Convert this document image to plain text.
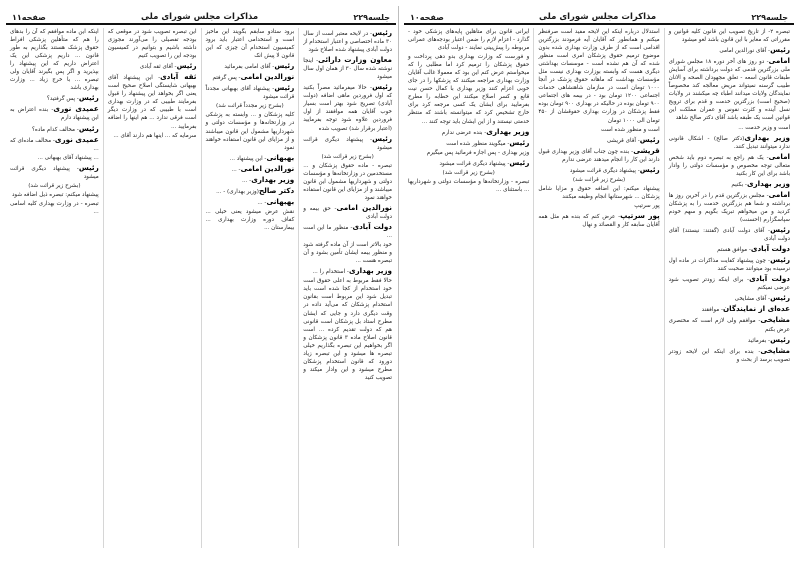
صفحه۱۰	مذاکرات مجلس شورای ملی	جلسه۲۲۹
تبصره ۲- از تاریخ تصویب این قانون کلیه قوانین و مقرراتی که مغایر با این قانون باشد لغو میشود
رئیس- آقای نورالدین امامی
امامی- دو روز های آخر دوره ۱۸ مجلس شورای ملی بزرگترین قدمی که دولت برداشته برای آسایش طبقات قانون اسعه - تعلق مجهودان الصحه و الانان طبیب گرسنه نمیتواند مریض معالجه کند مخصوصاً نمایندگان ولایات میدانند اطباء چه میکشند در ولایات (صحیح است) بزرگترین خدمت و قدم برای ترویج نسل آینده و کثرت نفوس و عمران مملکت این قوانین است یک طبقه باشد آقای دکتر صالح شاهد
است و وزیر خدمت ...
وزیر بهداری(دکتر صالح) - اشکال قانونی ندارد میتوانند تبدیل کنند.
امامی- یک هم راجع به تبصره دوم باید شخص متعالی توجه مخصوص و مؤسسات دولتی را وادار باشد برای این کار بکنید
وزیر بهداری- بکنیم
امامی- مجلس بزرگترین قدم را در آخرین روز ها برداشته و شما هم بزرگترین خدمت را به پزشکان کردید و من میخواهم تبریک بگویم و سهم خودم سپاسگزارم (احسنت)
رئیس- آقای دولت آبادی (گفتند: نیستند) آقای دولت آبادی
دولت آبادی- موافق هستم
رئیس- چون پیشنهاد کفایت مذاکرات در ماده اول نرسیده بود میتوانند صحبت کنند
دولت آبادی- برای اینکه زودتر تصویب شود عرضی نمیکنم
رئیس- آقای مشایخی
عده‌ای از نمایندگان- موافقند
مشایخی- موافقم ولی لازم است که مختصری عرض بکنم
رئیس- بفرمائید
مشایخی- بنده برای اینکه این لایحه زودتر تصویب برسد از بحث و
استدلال درباره اینکه این لایحه مفید است صرفنظر میکنم و همانطور که آقایان آیه فرمودند بزرگترین اقدامی است که از طرف وزارت بهداری شده بدون موضوع ترمیم حقوق پزشکان امری است منظور شده که آن هم نشده است - موسسات بهداشتی دیگری هست که وابسته بوزارت بهداری نیست مثل مؤسسات بهداشت که ماهانه حقوق پزشک در آنجا ۱۰۰۰ تومان است در سازمان شاهنشاهی خدمات اجتماعی ۱۲۰۰ تومان بود - در بیمه های اجتماعی ۹۰۰ تومان بوده در حالیکه در بهداری ۹۰۰ تومان بوده فقط پزشکان در وزارت بهداری حقوقشان از ۴۵۰ تومان الی ۱۰۰۰ تومان
است و منظور شده است
رئیس- آقای قریشی
قریشی- بنده چون جناب آقای وزیر بهداری قبول دارند این کار را انجام میدهند عرضی ندارم
رئیس- پیشنهاد دیگری قرائت میشود
(بشرح زیر قرائت شد)
پیشنهاد میکنم: این اضافه حقوق و مزایا شامل پزشکان ... شهرستانها انجام وظیفه میکنند
پور سرتیپ
پور سرتیپ- عرض کنم که بنده هم مثل همه آقایان سابقه کار و القصائد و نهال
ایرانی قانون برای متأهلین پایه‌های پزشکی خود - گذارد - اعزام لازم را ضمن اعتبار بودجه‌های عمرانی مربوطه را پیش‌بینی نمایند - دولت آبادی
و فورست که وزارت بهداری بدو دهی پرداخت و حقوق پزشکان را ترمیم کرد اما مطلبی را که میخواستم عرض کنم این بود که معمولا غالب آقایان وزارت بهداری مراجعه میکنند که پزشکها را در جای خوبی اعزام کنند وزیر بهداری با کمال حسن نیت قانع و کسر اصلاح میکنند این خطابه را مطرح بفرمایید برای ایشان یک کسی مرجعه کرد برای خارج تشخیص کرد که میتوانسته باشند که منتظر خدمتی نیستند و از این ایشان باید توجه کنند ...
وزیر بهداری- بنده عرضی ندارم
رئیس- میگویند منظور شده است
وزیر بهداری - پس اجازه فرمائید پس میگیرم
رئیس- پیشنهاد دیگری قرائت میشود
(بشرح زیر قرائت شد)
تبصره - وزارتخانه‌ها و مؤسسات دولتی و شهرداریها ... باستثنای ...
صفحه۱۱	مذاکرات مجلس شورای ملی	جلسه۲۲۹
رئیس- در لایحه معتبر است از سال ۳۰ ماده اختصاصی و اعتبار استخدام از دولت آبادی پیشنهاد شده اصلاح شود
معاون وزارت دارائی- اینجا نوشته شده سال ۳۰ از همان اول سال میشود
رئیس- حالا میفرمائید مصراً بکنید که اول فروردین ماهی اضافه (دولت آبادی) تصریح شود بهتر است بسیار خوب آقایان همه موافقند از اول فروردین علاوه شود توجه بفرمایید (اعتبار برقرار شد) تصویب شده
رئیس- پیشنهاد دیگری قرائت میشود
(بشرح زیر قرائت شد)
تبصره - ماده حقوق پزشکان و ... مستخدمین در وزارتخانه‌ها و مؤسسات دولتی و شهرداریها مشمول این قانون میباشند و از مزایای این قانون استفاده خواهند نمود
نورالدین امامی- حق بیمه و دولت آبادی
دولت آبادی- منظور ما این است ...
خود بالاتر است از آن ماده گرفته شود و منظور بیمه ایشان تأمین بشود و آن تبصره هست ...
وزیر بهداری- استخدام را ...
حالا فقط مربوط به اعلی حقوق است خود استخدام از کجا شده است باید تبدیل شود این مربوط است بقانون استخدام پزشکان که می‌آید داده در وقت دیگری دارد و جایی که ایشان مطرح استاد بل پزشکان است قانونی هم که دولت تقدیم کرده ... است قانون اصلاح ماده ۳ قانون پزشکان و اگر بخواهیم این تبصره بگذاریم خیلی تبصره ها میشود و این تبصره زیاد دورود که قانون استخدام پزشکان مطرح میشود و این وادار میکند و تصویب کنید
برود ستادو سابقم بگویند این ماخیز است و استخدامی اعتبار باید برود کمیسیون استخدام آن چیزی که این قانون لا پیش انک
رئیس- آقای امامی بفرمائید
نورالدین امامی- پس گرفتم
رئیس- پیشنهاد آقای بهبهانی مجدداً قرائت میشود
(بشرح زیر مجدداً قرائت شد)
کلیه پزشکان و ... وابسته به پزشکی در وزارتخانه‌ها و مؤسسات دولتی و شهرداریها مشمول این قانون میباشند و از مزایای این قانون استفاده خواهند نمود
بهبهانی- این پیشنهاد ...
نورالدین امامی- ...
وزیر بهداری- ...
دکتر صالح(وزیر بهداری) - ...
بهبهانی- ...
نقش عرض میشود یعنی خیلی ... کفاف دوره وزارت بهداری ... بیمارستان ...
این تبصره تصویب شود در موقعی که بودجه تفصیلی را می‌آورند مجوزی داشته باشیم و بتوانیم در کمیسیون بودجه این را تصویب کنیم
رئیس- آقای ثقه آبادی
ثقه آبادی- این پیشنهاد آقای بهبهانی شایستگی اصلاح صحیح است یعنی اگر بخواهد این پیشنهاد را قبول بفرمایند طبیبی که در وزارت بهداری است با طبیبی که در وزارت دیگر است فرقی ندارد ... هم اینها را اضافه بفرمایید ...
سرمایه که ... اینها هم دارند آقای ...
اینکه این ماده موافقم که آن را بدهای را هم که متأهلین پزشکی افراط حقوق پزشک هستند بگذاریم به طور قانون ... داریم پزشکی این یک اعتراض داریم که این پیشنهاد را بپذیرید و اگر پس بگیرند آقایان ولی تبصره ... با خرج زیاد ... وزارت بهداری باشد
رئیس- پس گرفتید؟
عمیدی نوری- بنده اعتراض به این پیشنهاد دارم
رئیس- مخالف کدام ماده؟
عمیدی نوری- مخالف ماده‌ای که ...
... پیشنهاد آقای بهبهانی ...
رئیس- پیشنهاد دیگری قرائت میشود
(بشرح زیر قرائت شد)
پیشنهاد میکنم: تبصره ذیل اضافه شود
تبصره - در وزارت بهداری کلیه اسامی ...
